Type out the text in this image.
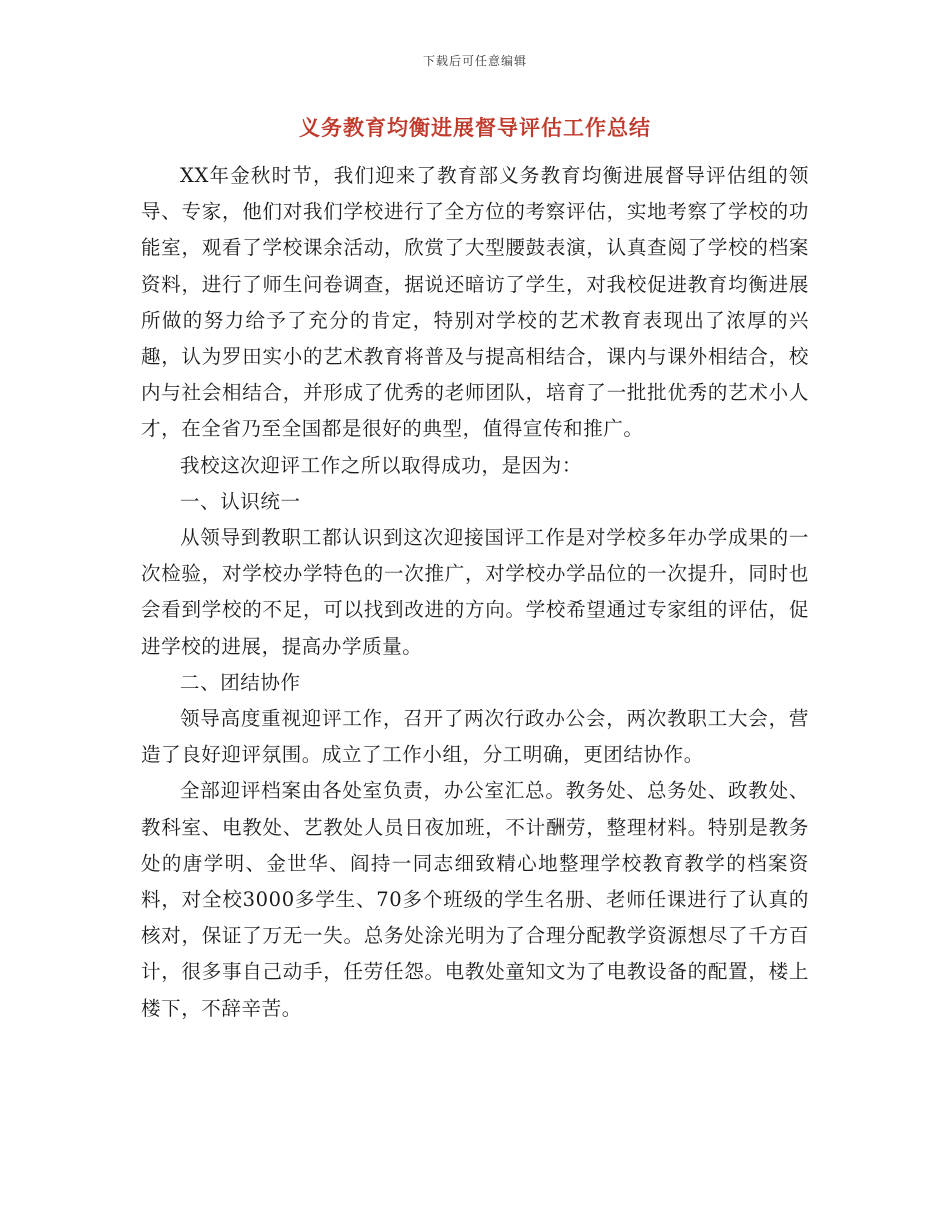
下载后可任意编辑
义务教育均衡进展督导评估工作总结

XX年金秋时节，我们迎来了教育部义务教育均衡进展督导评估组的领导、专家，他们对我们学校进行了全方位的考察评估，实地考察了学校的功能室，观看了学校课余活动，欣赏了大型腰鼓表演，认真查阅了学校的档案资料，进行了师生问卷调查，据说还暗访了学生，对我校促进教育均衡进展所做的努力给予了充分的肯定，特别对学校的艺术教育表现出了浓厚的兴趣，认为罗田实小的艺术教育将普及与提高相结合，课内与课外相结合，校内与社会相结合，并形成了优秀的老师团队，培育了一批批优秀的艺术小人才，在全省乃至全国都是很好的典型，值得宣传和推广。

我校这次迎评工作之所以取得成功，是因为：

一、认识统一

从领导到教职工都认识到这次迎接国评工作是对学校多年办学成果的一次检验，对学校办学特色的一次推广，对学校办学品位的一次提升，同时也会看到学校的不足，可以找到改进的方向。学校希望通过专家组的评估，促进学校的进展，提高办学质量。

二、团结协作

领导高度重视迎评工作，召开了两次行政办公会，两次教职工大会，营造了良好迎评氛围。成立了工作小组，分工明确，更团结协作。

全部迎评档案由各处室负责，办公室汇总。教务处、总务处、政教处、教科室、电教处、艺教处人员日夜加班，不计酬劳，整理材料。特别是教务处的唐学明、金世华、阎持一同志细致精心地整理学校教育教学的档案资料，对全校3000多学生、70多个班级的学生名册、老师任课进行了认真的核对，保证了万无一失。总务处涂光明为了合理分配教学资源想尽了千方百计，很多事自己动手，任劳任怨。电教处童知文为了电教设备的配置，楼上楼下，不辞辛苦。
